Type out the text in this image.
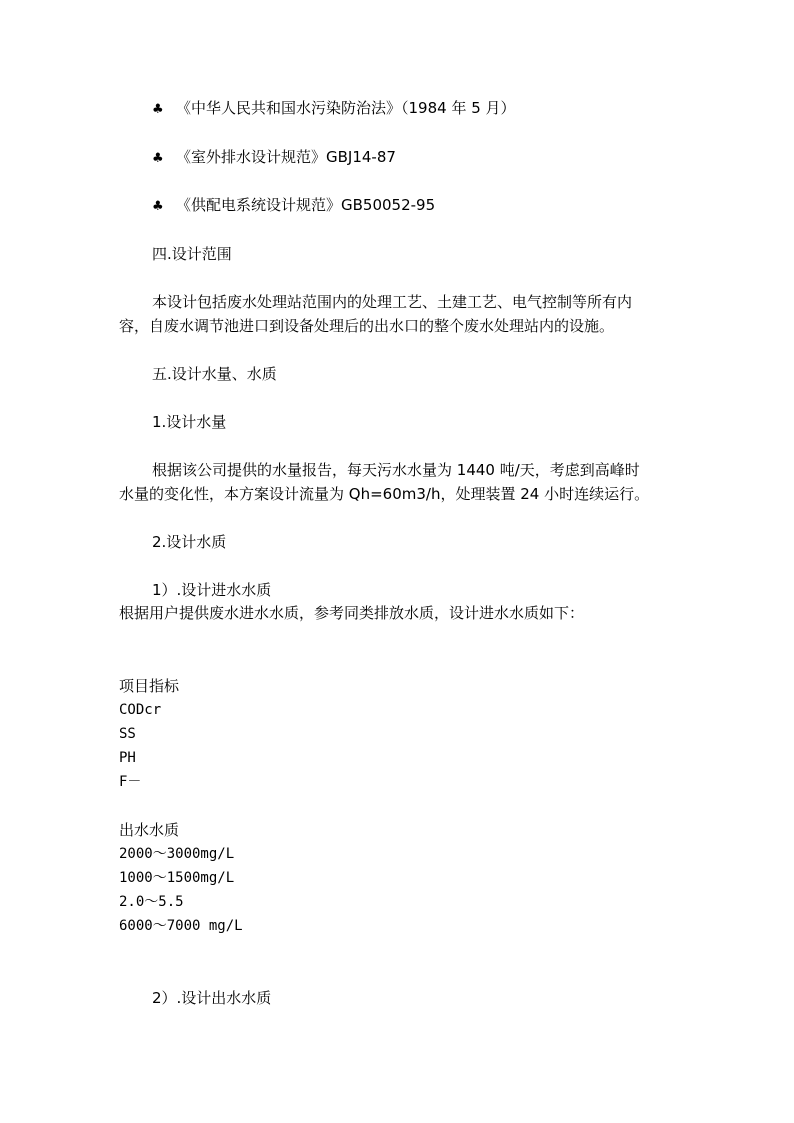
♣ 《中华人民共和国水污染防治法》（1984 年 5 月）
♣ 《室外排水设计规范》GBJ14-87
♣ 《供配电系统设计规范》GB50052-95
四.设计范围
本设计包括废水处理站范围内的处理工艺、土建工艺、电气控制等所有内
容，自废水调节池进口到设备处理后的出水口的整个废水处理站内的设施。
五.设计水量、水质
1.设计水量
根据该公司提供的水量报告，每天污水水量为 1440 吨/天，考虑到高峰时
水量的变化性，本方案设计流量为 Qh=60m3/h，处理装置 24 小时连续运行。
2.设计水质
1）.设计进水水质
根据用户提供废水进水水质，参考同类排放水质，设计进水水质如下：
项目指标
CODcr
SS
PH
F－
出水水质
2000～3000mg/L
1000～1500mg/L
2.0～5.5
6000～7000 mg/L
2）.设计出水水质
